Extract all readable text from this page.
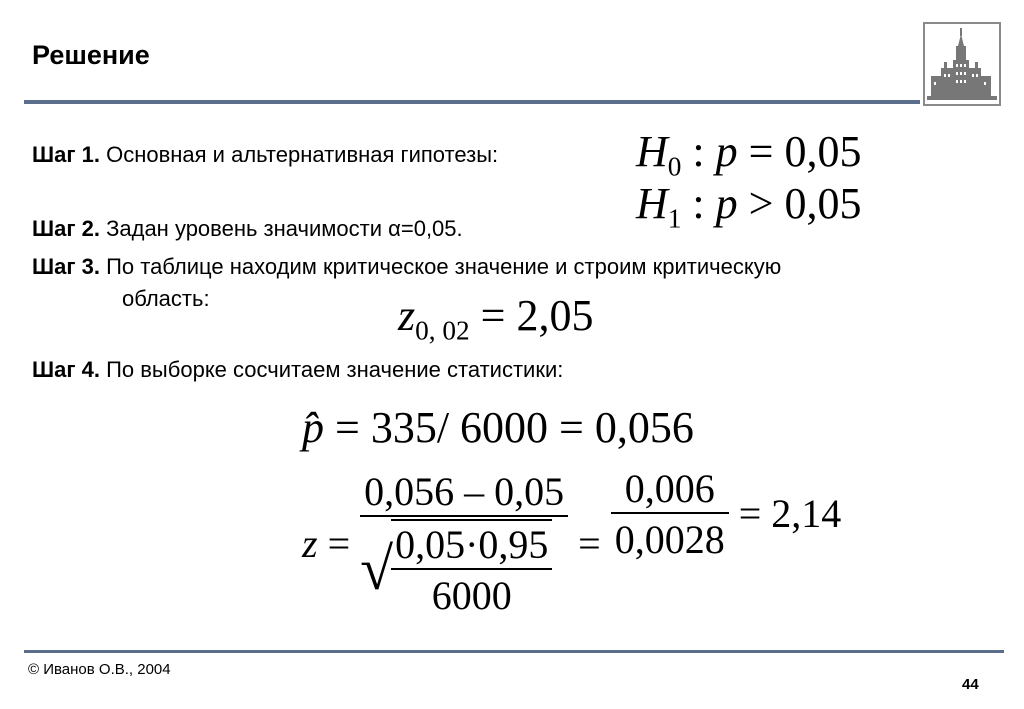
Решение
Шаг 1. Основная и альтернативная гипотезы:	$H_0$ : p = 0,05
$H_1$ : p > 0,05
Шаг 2. Задан уровень значимости α=0,05.
Шаг 3. По таблице находим критическое значение и строим критическую
область:	$z_{0, 02} = 2,05$
Шаг 4. По выборке сосчитаем значение статистики:
p̂ = 335/ 6000 = 0,056
z = 0,056 – 0,05
√
$\frac{0,05\cdot 0,95}{6000} = \frac{0,006}{0,0028} = 2,14$
© Иванов О.В., 2004
44
